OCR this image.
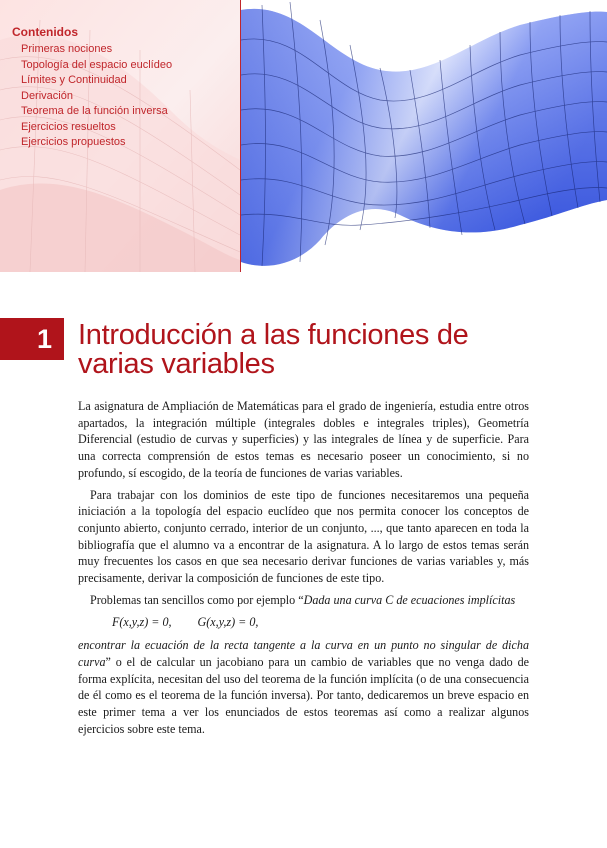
Contenidos
Primeras nociones
Topología del espacio euclídeo
Límites y Continuidad
Derivación
Teorema de la función inversa
Ejercicios resueltos
Ejercicios propuestos
1 Introducción a las funciones de
varias variables

La asignatura de Ampliación de Matemáticas para el grado de ingeniería, estudia entre otros apartados, la integración múltiple (integrales dobles e integrales triples), Geometría Diferencial (estudio de curvas y superficies) y las integrales de línea y de superficie. Para una correcta comprensión de estos temas es necesario poseer un conocimiento, si no profundo, sí escogido, de la teoría de funciones de varias variables.

Para trabajar con los dominios de este tipo de funciones necesitaremos una pequeña iniciación a la topología del espacio euclídeo que nos permita conocer los conceptos de conjunto abierto, conjunto cerrado, interior de un conjunto, ..., que tanto aparecen en toda la bibliografía que el alumno va a encontrar de la asignatura. A lo largo de estos temas serán muy frecuentes los casos en que sea necesario derivar funciones de varias variables y, más precisamente, derivar la composición de funciones de este tipo.

Problemas tan sencillos como por ejemplo “Dada una curva C de ecuaciones implícitas

F(x,y,z) = 0, G(x,y,z) = 0,

encontrar la ecuación de la recta tangente a la curva en un punto no singular de dicha curva” o el de calcular un jacobiano para un cambio de variables que no venga dado de forma explícita, necesitan del uso del teorema de la función implícita (o de una consecuencia de él como es el teorema de la función inversa). Por tanto, dedicaremos un breve espacio en este primer tema a ver los enunciados de estos teoremas así como a realizar algunos ejercicios sobre este tema.
